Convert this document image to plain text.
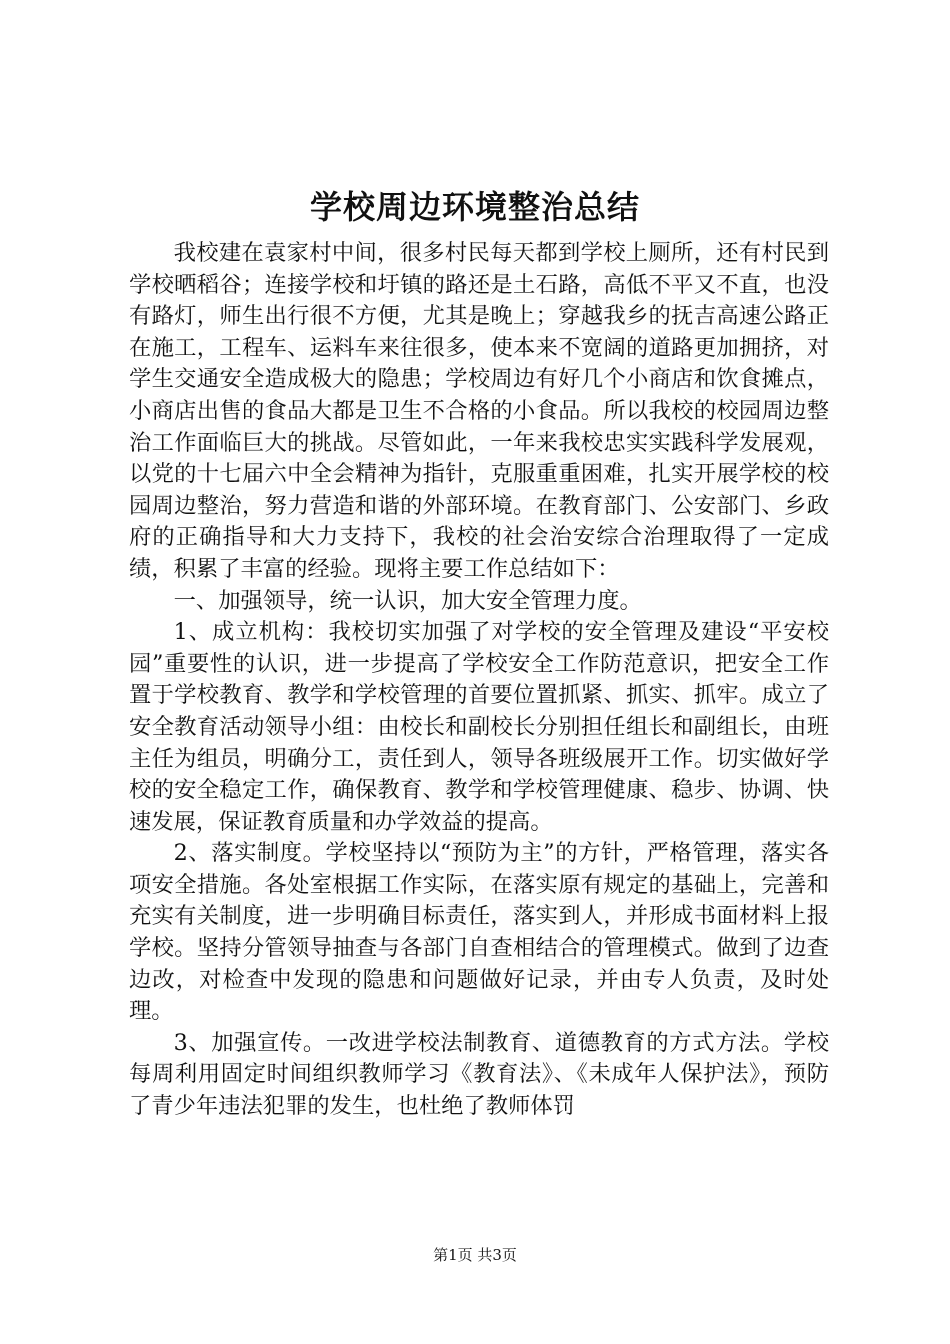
学校周边环境整治总结

我校建在袁家村中间，很多村民每天都到学校上厕所，还有村民到学校晒稻谷；连接学校和圩镇的路还是土石路，高低不平又不直，也没有路灯，师生出行很不方便，尤其是晚上；穿越我乡的抚吉高速公路正在施工，工程车、运料车来往很多，使本来不宽阔的道路更加拥挤，对学生交通安全造成极大的隐患；学校周边有好几个小商店和饮食摊点，小商店出售的食品大都是卫生不合格的小食品。所以我校的校园周边整治工作面临巨大的挑战。尽管如此，一年来我校忠实实践科学发展观，以党的十七届六中全会精神为指针，克服重重困难，扎实开展学校的校园周边整治，努力营造和谐的外部环境。在教育部门、公安部门、乡政府的正确指导和大力支持下，我校的社会治安综合治理取得了一定成绩，积累了丰富的经验。现将主要工作总结如下：

一、加强领导，统一认识，加大安全管理力度。

1、成立机构：我校切实加强了对学校的安全管理及建设“平安校园”重要性的认识，进一步提高了学校安全工作防范意识，把安全工作置于学校教育、教学和学校管理的首要位置抓紧、抓实、抓牢。成立了安全教育活动领导小组：由校长和副校长分别担任组长和副组长，由班主任为组员，明确分工，责任到人，领导各班级展开工作。切实做好学校的安全稳定工作，确保教育、教学和学校管理健康、稳步、协调、快速发展，保证教育质量和办学效益的提高。

2、落实制度。学校坚持以“预防为主”的方针，严格管理，落实各项安全措施。各处室根据工作实际，在落实原有规定的基础上，完善和充实有关制度，进一步明确目标责任，落实到人，并形成书面材料上报学校。坚持分管领导抽查与各部门自查相结合的管理模式。做到了边查边改，对检查中发现的隐患和问题做好记录，并由专人负责，及时处理。

3、加强宣传。一改进学校法制教育、道德教育的方式方法。学校每周利用固定时间组织教师学习《教育法》、《未成年人保护法》，预防了青少年违法犯罪的发生，也杜绝了教师体罚

第1页 共3页
